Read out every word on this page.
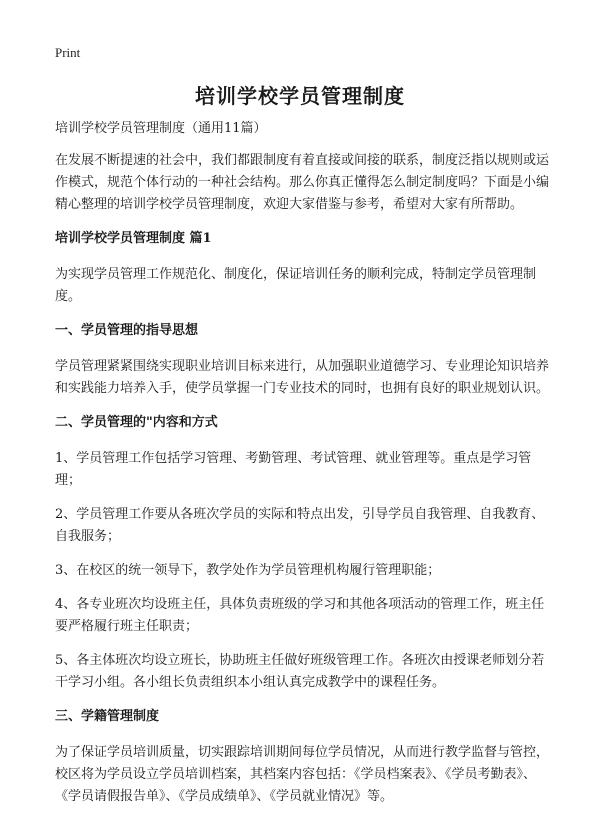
Print
培训学校学员管理制度

培训学校学员管理制度（通用11篇）

在发展不断提速的社会中，我们都跟制度有着直接或间接的联系，制度泛指以规则或运作模式，规范个体行动的一种社会结构。那么你真正懂得怎么制定制度吗？下面是小编精心整理的培训学校学员管理制度，欢迎大家借鉴与参考，希望对大家有所帮助。

培训学校学员管理制度 篇1

为实现学员管理工作规范化、制度化，保证培训任务的顺利完成，特制定学员管理制度。

一、学员管理的指导思想

学员管理紧紧围绕实现职业培训目标来进行，从加强职业道德学习、专业理论知识培养和实践能力培养入手，使学员掌握一门专业技术的同时，也拥有良好的职业规划认识。

二、学员管理的"内容和方式

1、学员管理工作包括学习管理、考勤管理、考试管理、就业管理等。重点是学习管理；

2、学员管理工作要从各班次学员的实际和特点出发，引导学员自我管理、自我教育、自我服务；

3、在校区的统一领导下，教学处作为学员管理机构履行管理职能；

4、各专业班次均设班主任，具体负责班级的学习和其他各项活动的管理工作，班主任要严格履行班主任职责；

5、各主体班次均设立班长，协助班主任做好班级管理工作。各班次由授课老师划分若干学习小组。各小组长负责组织本小组认真完成教学中的课程任务。

三、学籍管理制度

为了保证学员培训质量，切实跟踪培训期间每位学员情况，从而进行教学监督与管控，校区将为学员设立学员培训档案，其档案内容包括：《学员档案表》、《学员考勤表》、《学员请假报告单》、《学员成绩单》、《学员就业情况》等。
